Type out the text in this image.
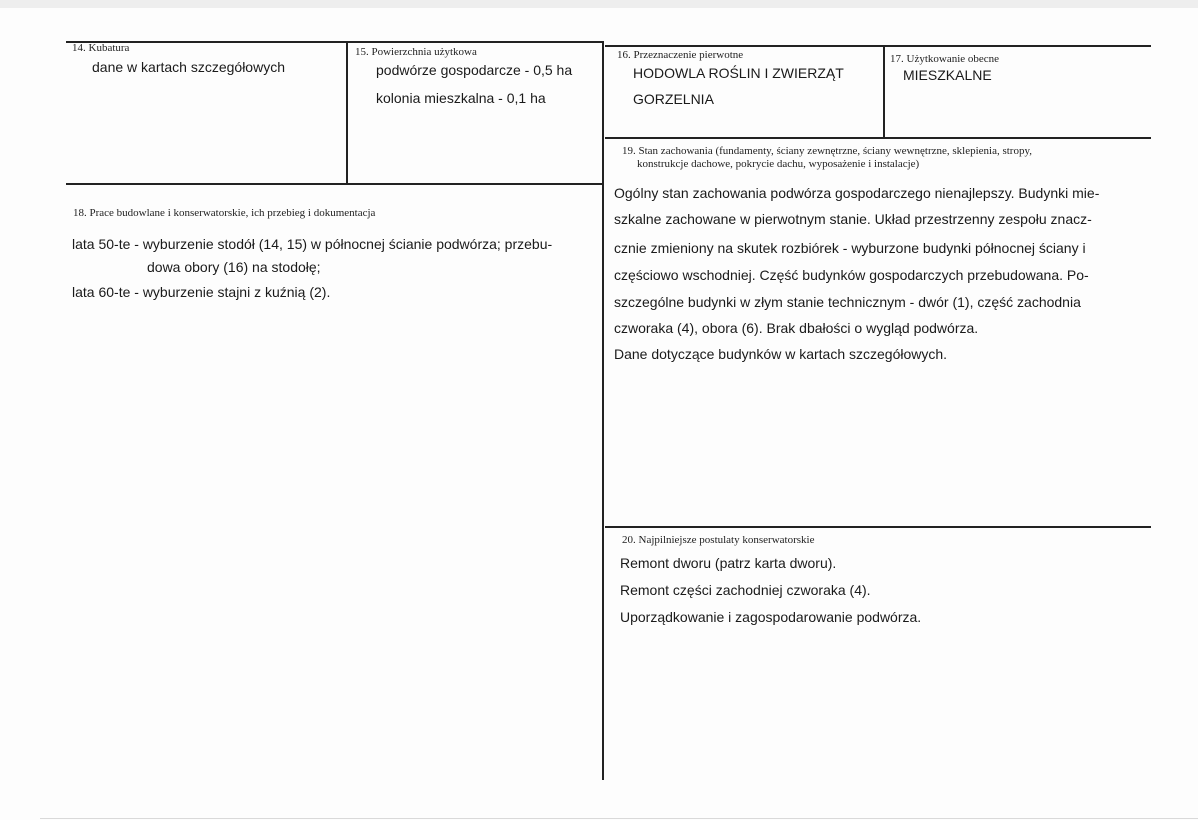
14. Kubatura
dane w kartach szczegółowych
15. Powierzchnia użytkowa
podwórze gospodarcze - 0,5 ha
kolonia mieszkalna - 0,1 ha
16. Przeznaczenie pierwotne
HODOWLA ROŚLIN I ZWIERZĄT
GORZELNIA
17. Użytkowanie obecne
MIESZKALNE
19. Stan zachowania (fundamenty, ściany zewnętrzne, ściany wewnętrzne, sklepienia, stropy,
konstrukcje dachowe, pokrycie dachu, wyposażenie i instalacje)
Ogólny stan zachowania podwórza gospodarczego nienajlepszy. Budynki mie-
szkalne zachowane w pierwotnym stanie. Układ przestrzenny zespołu znacz-
cznie zmieniony na skutek rozbiórek - wyburzone budynki północnej ściany i
częściowo wschodniej. Część budynków gospodarczych przebudowana. Po-
szczególne budynki w złym stanie technicznym - dwór (1), część zachodnia
czworaka (4), obora (6). Brak dbałości o wygląd podwórza.
Dane dotyczące budynków w kartach szczegółowych.
18. Prace budowlane i konserwatorskie, ich przebieg i dokumentacja
lata 50-te - wyburzenie stodół (14, 15) w północnej ścianie podwórza; przebu-
dowa obory (16) na stodołę;
lata 60-te - wyburzenie stajni z kuźnią (2).
20. Najpilniejsze postulaty konserwatorskie
Remont dworu (patrz karta dworu).
Remont części zachodniej czworaka (4).
Uporządkowanie i zagospodarowanie podwórza.
